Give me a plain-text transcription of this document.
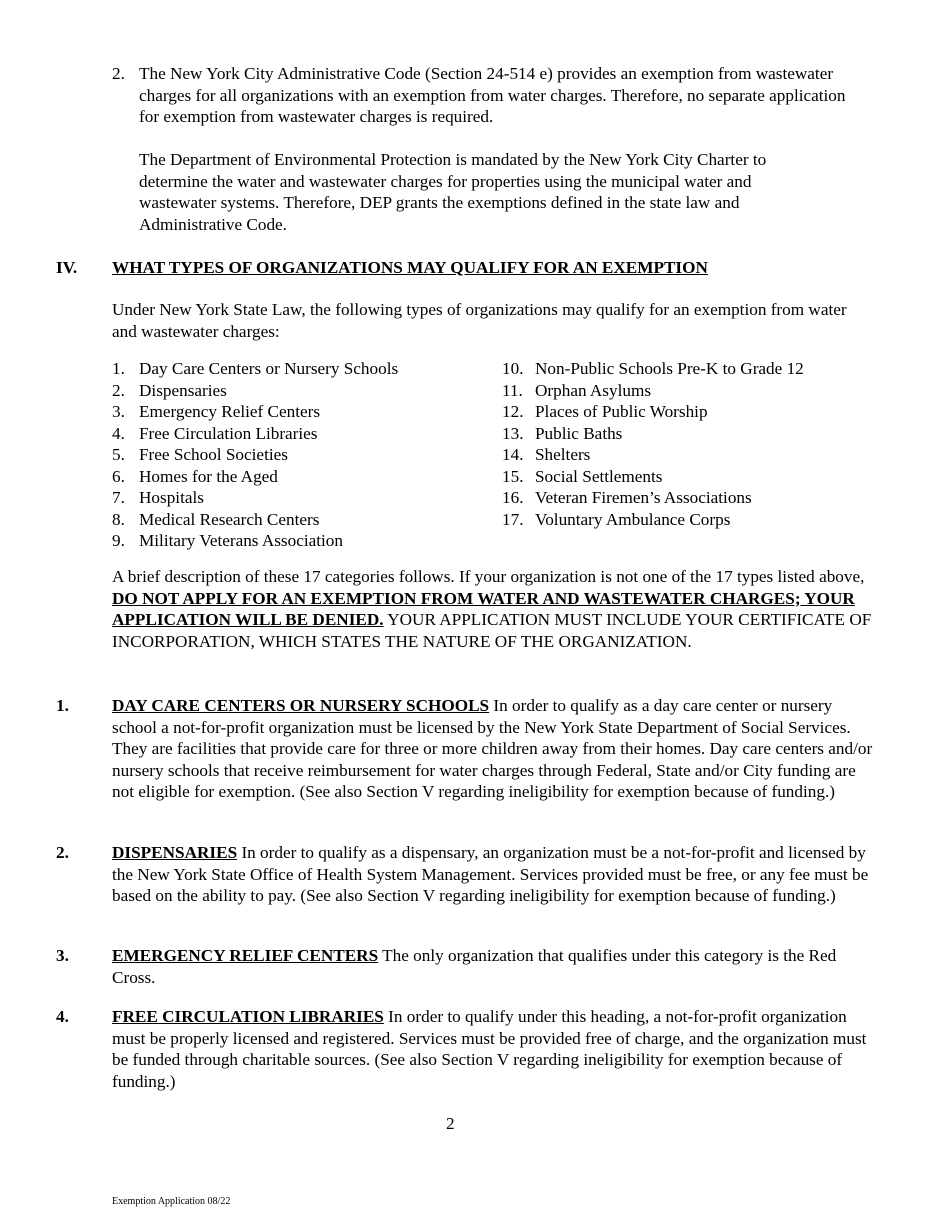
2. The New York City Administrative Code (Section 24-514 e) provides an exemption from wastewater charges for all organizations with an exemption from water charges. Therefore, no separate application for exemption from wastewater charges is required.

The Department of Environmental Protection is mandated by the New York City Charter to determine the water and wastewater charges for properties using the municipal water and wastewater systems. Therefore, DEP grants the exemptions defined in the state law and Administrative Code.

IV. WHAT TYPES OF ORGANIZATIONS MAY QUALIFY FOR AN EXEMPTION

Under New York State Law, the following types of organizations may qualify for an exemption from water and wastewater charges:

1. Day Care Centers or Nursery Schools
2. Dispensaries
3. Emergency Relief Centers
4. Free Circulation Libraries
5. Free School Societies
6. Homes for the Aged
7. Hospitals
8. Medical Research Centers
9. Military Veterans Association
10. Non-Public Schools Pre-K to Grade 12
11. Orphan Asylums
12. Places of Public Worship
13. Public Baths
14. Shelters
15. Social Settlements
16. Veteran Firemen’s Associations
17. Voluntary Ambulance Corps

A brief description of these 17 categories follows. If your organization is not one of the 17 types listed above, DO NOT APPLY FOR AN EXEMPTION FROM WATER AND WASTEWATER CHARGES; YOUR APPLICATION WILL BE DENIED. YOUR APPLICATION MUST INCLUDE YOUR CERTIFICATE OF INCORPORATION, WHICH STATES THE NATURE OF THE ORGANIZATION.

1.	DAY CARE CENTERS OR NURSERY SCHOOLS In order to qualify as a day care center or nursery school a not-for-profit organization must be licensed by the New York State Department of Social Services. They are facilities that provide care for three or more children away from their homes. Day care centers and/or nursery schools that receive reimbursement for water charges through Federal, State and/or City funding are not eligible for exemption. (See also Section V regarding ineligibility for exemption because of funding.)

2.	DISPENSARIES In order to qualify as a dispensary, an organization must be a not-for-profit and licensed by the New York State Office of Health System Management. Services provided must be free, or any fee must be based on the ability to pay. (See also Section V regarding ineligibility for exemption because of funding.)

3.	EMERGENCY RELIEF CENTERS The only organization that qualifies under this category is the Red Cross.

4.	FREE CIRCULATION LIBRARIES In order to qualify under this heading, a not-for-profit organization must be properly licensed and registered. Services must be provided free of charge, and the organization must be funded through charitable sources. (See also Section V regarding ineligibility for exemption because of funding.)

2
Exemption Application 08/22
